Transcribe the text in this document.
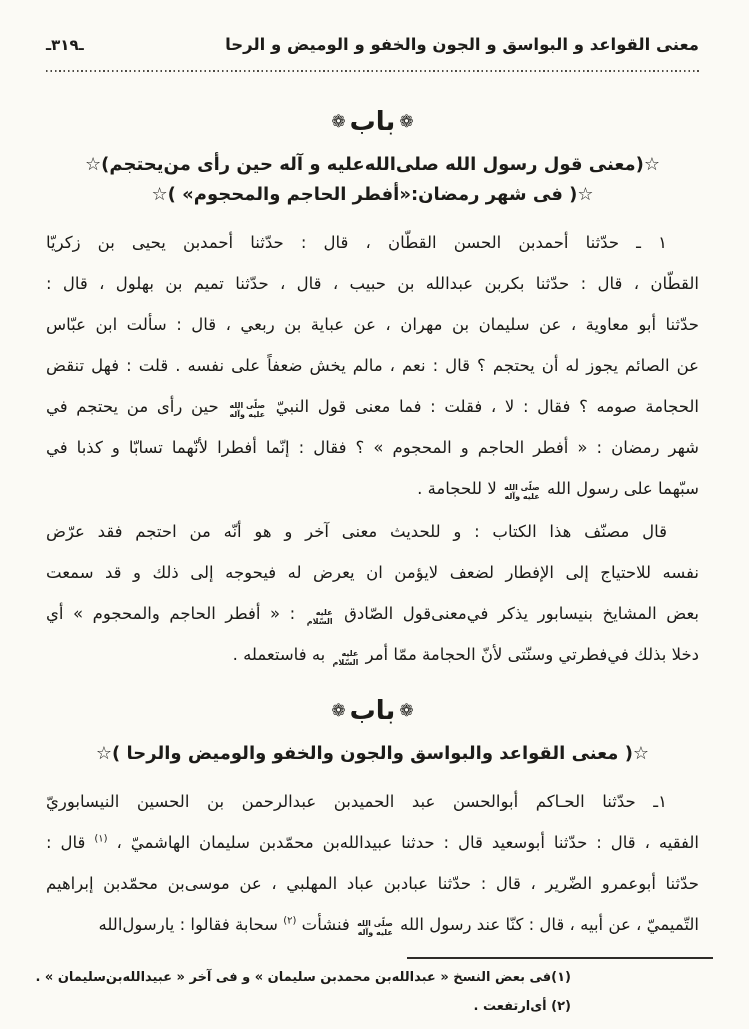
معنى القواعد و البواسق و الجون والخفو و الوميض و الرحا
ـ٣١٩ـ
❁باب❁
☆(معنى قول رسول الله صلى‌الله‌عليه و آله حين رأى من‌يحتجم)☆
☆( فى شهر رمضان:«أفطر الحاجم والمحجوم» )☆
١ ـ حدّثنا أحمدبن الحسن القطّان ، قال : حدّثنا أحمدبن يحيى بن زكريّا
القطّان ، قال : حدّثنا بكربن عبدالله بن حبيب ، قال ، حدّثنا تميم بن بهلول ، قال :
حدّثنا أبو معاوية ، عن سليمان بن مهران ، عن عباية بن ربعي ، قال : سألت ابن عبّاس
عن الصائم يجوز له أن يحتجم ؟ قال : نعم ، مالم يخش ضعفاً على نفسه . قلت : فهل تنقض
الحجامة صومه ؟ فقال : لا ، فقلت : فما معنى قول النبيّ
صلّى الله
عليه وآله
حين رأى من يحتجم في
شهر رمضان : « أفطر الحاجم و المحجوم » ؟ فقال : إنّما أفطرا لأنّهما تسابّا و كذبا في
سبّهما على رسول الله
صلّى الله
عليه وآله
لا للحجامة .
قال مصنّف هذا الكتاب : و للحديث معنى آخر و هو أنّه من احتجم فقد عرّض
نفسه للاحتياج إلى الإفطار لضعف لايؤمن ان يعرض له فيحوجه إلى ذلك و قد سمعت
بعض المشايخ بنيسابور يذكر في‌معنى‌قول الصّادق
عليه
السّلام
: « أفطر الحاجم والمحجوم » أي
دخلا بذلك في‌فطرتي وسنّتى لأنّ الحجامة ممّا أمر
عليه
السّلام
به فاستعمله .
❁باب❁
☆( معنى القواعد والبواسق والجون والخفو والوميض والرحا )☆
١ـ حدّثنا الحـاكم أبوالحسن عبد الحميدبن عبدالرحمن بن الحسين النيسابوريّ
الفقيه ، قال : حدّثنا أبوسعيد قال : حدثنا عبيدالله‌بن محمّدبن سليمان الهاشميّ ، $^{(١)}$ قال :
حدّثنا أبوعمرو الضّرير ، قال : حدّثنا عبادبن عباد المهلبي ، عن موسى‌بن محمّدبن إبراهيم
التّميميّ ، عن أبيه ، قال : كنّا عند رسول الله
صلّى الله
عليه وآله
فنشأت $^{(٢)}$ سحابة فقالوا : يارسول‌الله
(١)فى بعض النسخ « عبدالله‌بن محمدبن سليمان » و فى آخر « عبيدالله‌بن‌سليمان » .
(٢) أى‌ارتفعت .
